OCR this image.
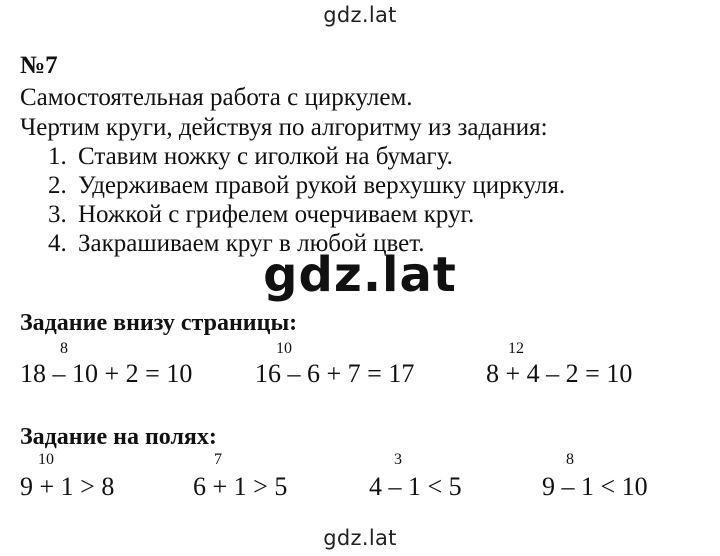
gdz.lat
№7
Самостоятельная работа с циркулем.
Чертим круги, действуя по алгоритму из задания:
1. Ставим ножку с иголкой на бумагу.
2. Удерживаем правой рукой верхушку циркуля.
3. Ножкой с грифелем очерчиваем круг.
4. Закрашиваем круг в любой цвет.
gdz.lat
Задание внизу страницы:
8
18 – 10 + 2 = 10
10
16 – 6 + 7 = 17
12
8 + 4 – 2 = 10
Задание на полях:
10
9 + 1 > 8
7
6 + 1 > 5
3
4 – 1 < 5
8
9 – 1 < 10
gdz.lat
